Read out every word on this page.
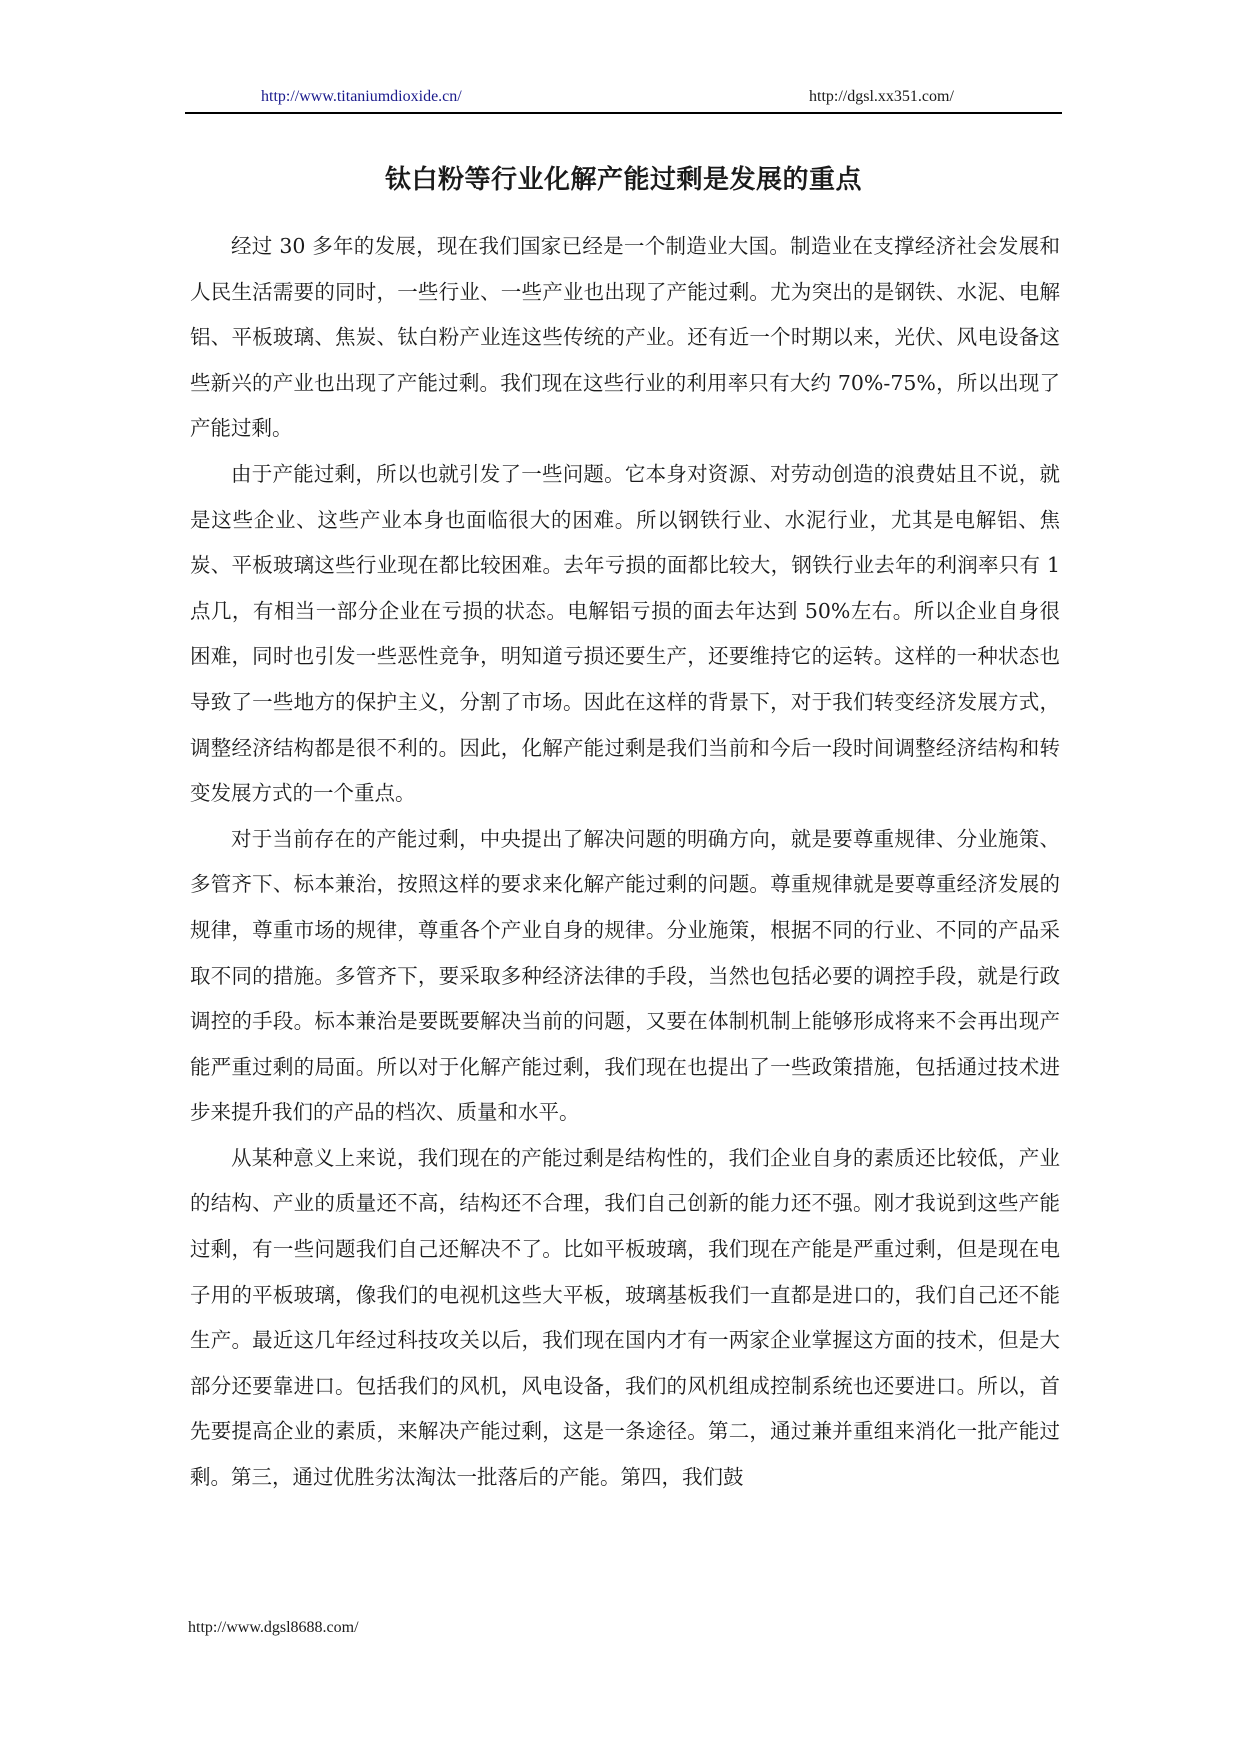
http://www.titaniumdioxide.cn/	http://dgsl.xx351.com/
钛白粉等行业化解产能过剩是发展的重点

经过 30 多年的发展，现在我们国家已经是一个制造业大国。制造业在支撑经济社会发展和人民生活需要的同时，一些行业、一些产业也出现了产能过剩。尤为突出的是钢铁、水泥、电解铝、平板玻璃、焦炭、钛白粉产业连这些传统的产业。还有近一个时期以来，光伏、风电设备这些新兴的产业也出现了产能过剩。我们现在这些行业的利用率只有大约 70%-75%，所以出现了产能过剩。

由于产能过剩，所以也就引发了一些问题。它本身对资源、对劳动创造的浪费姑且不说，就是这些企业、这些产业本身也面临很大的困难。所以钢铁行业、水泥行业，尤其是电解铝、焦炭、平板玻璃这些行业现在都比较困难。去年亏损的面都比较大，钢铁行业去年的利润率只有 1 点几，有相当一部分企业在亏损的状态。电解铝亏损的面去年达到 50%左右。所以企业自身很困难，同时也引发一些恶性竞争，明知道亏损还要生产，还要维持它的运转。这样的一种状态也导致了一些地方的保护主义，分割了市场。因此在这样的背景下，对于我们转变经济发展方式，调整经济结构都是很不利的。因此，化解产能过剩是我们当前和今后一段时间调整经济结构和转变发展方式的一个重点。

对于当前存在的产能过剩，中央提出了解决问题的明确方向，就是要尊重规律、分业施策、多管齐下、标本兼治，按照这样的要求来化解产能过剩的问题。尊重规律就是要尊重经济发展的规律，尊重市场的规律，尊重各个产业自身的规律。分业施策，根据不同的行业、不同的产品采取不同的措施。多管齐下，要采取多种经济法律的手段，当然也包括必要的调控手段，就是行政调控的手段。标本兼治是要既要解决当前的问题，又要在体制机制上能够形成将来不会再出现产能严重过剩的局面。所以对于化解产能过剩，我们现在也提出了一些政策措施，包括通过技术进步来提升我们的产品的档次、质量和水平。

从某种意义上来说，我们现在的产能过剩是结构性的，我们企业自身的素质还比较低，产业的结构、产业的质量还不高，结构还不合理，我们自己创新的能力还不强。刚才我说到这些产能过剩，有一些问题我们自己还解决不了。比如平板玻璃，我们现在产能是严重过剩，但是现在电子用的平板玻璃，像我们的电视机这些大平板，玻璃基板我们一直都是进口的，我们自己还不能生产。最近这几年经过科技攻关以后，我们现在国内才有一两家企业掌握这方面的技术，但是大部分还要靠进口。包括我们的风机，风电设备，我们的风机组成控制系统也还要进口。所以，首先要提高企业的素质，来解决产能过剩，这是一条途径。第二，通过兼并重组来消化一批产能过剩。第三，通过优胜劣汰淘汰一批落后的产能。第四，我们鼓

http://www.dgsl8688.com/
